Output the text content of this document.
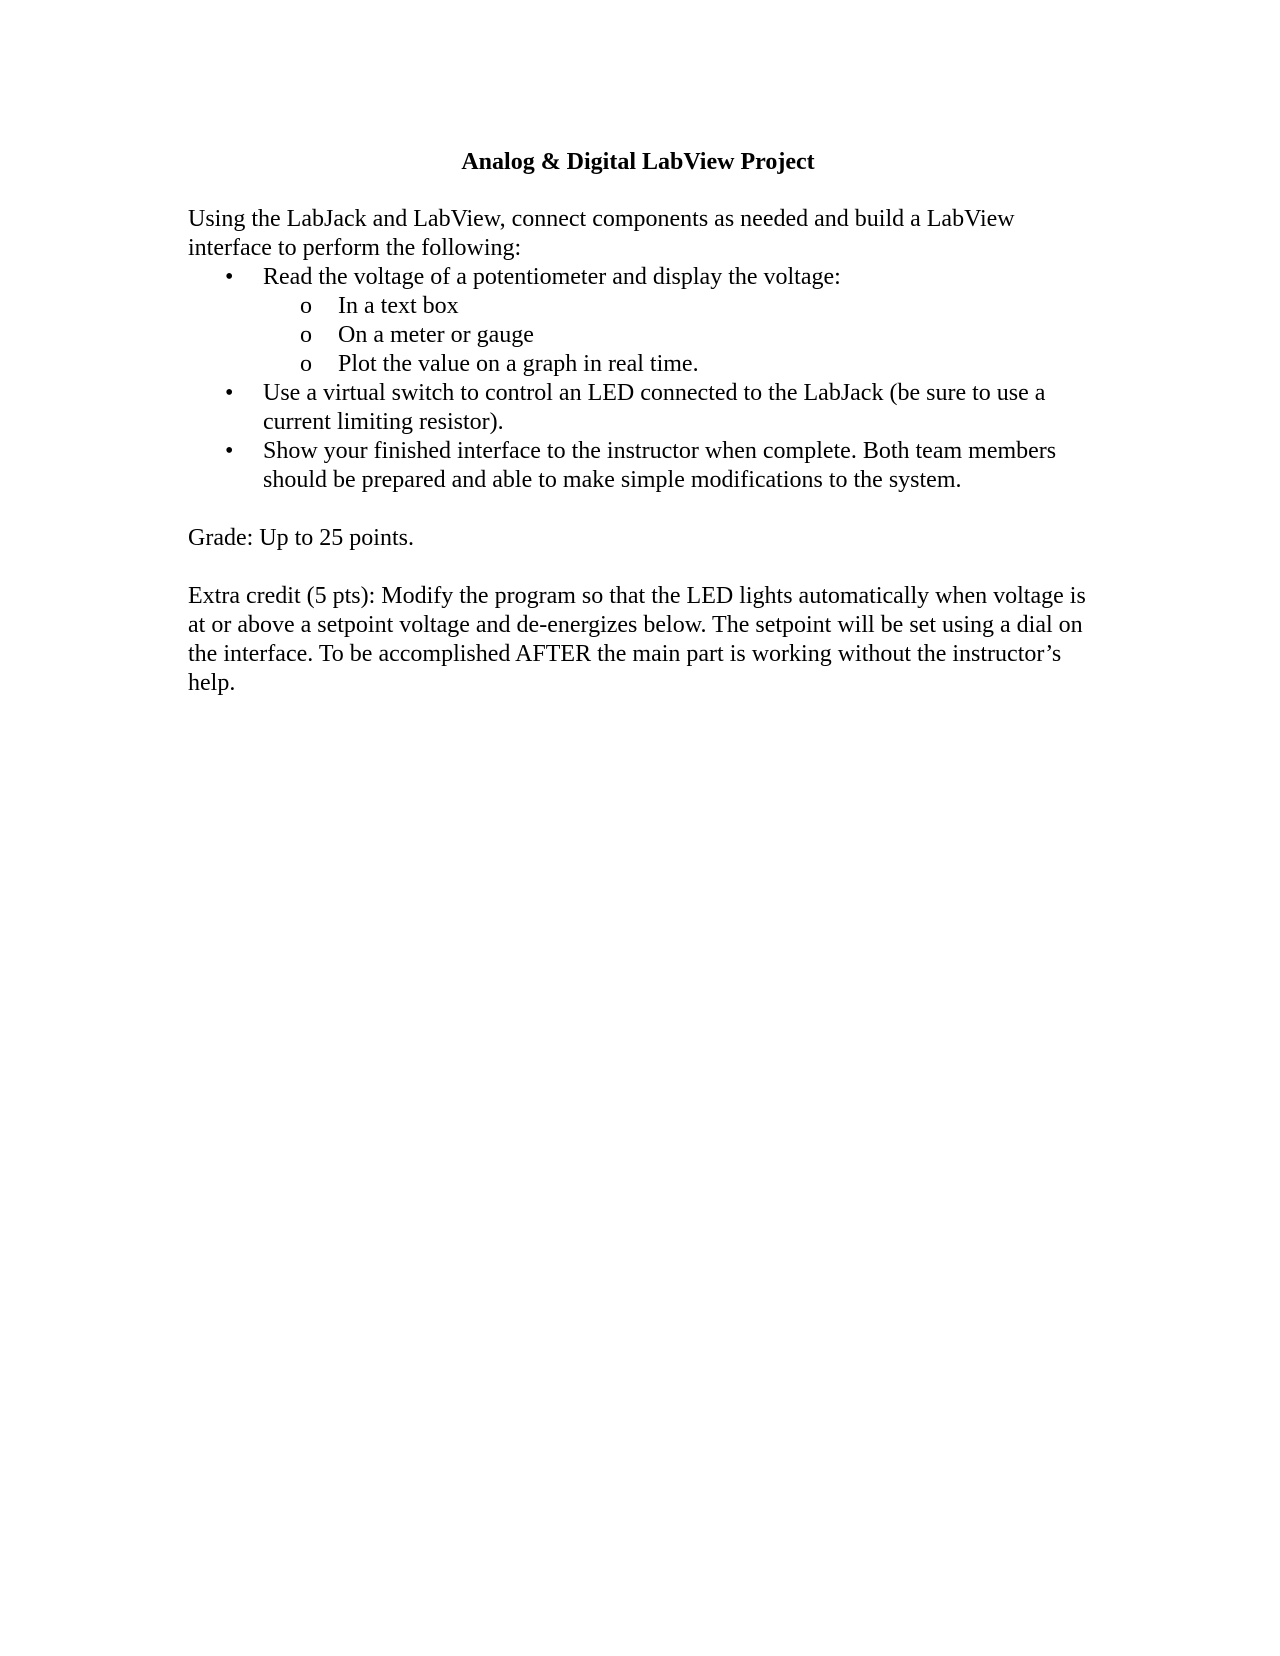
Analog & Digital LabView Project

Using the LabJack and LabView, connect components as needed and build a LabView interface to perform the following:

•	Read the voltage of a potentiometer and display the voltage:
o	In a text box
o	On a meter or gauge
o	Plot the value on a graph in real time.
•	Use a virtual switch to control an LED connected to the LabJack (be sure to use a current limiting resistor).
•	Show your finished interface to the instructor when complete. Both team members should be prepared and able to make simple modifications to the system.

Grade: Up to 25 points.

Extra credit (5 pts): Modify the program so that the LED lights automatically when voltage is at or above a setpoint voltage and de-energizes below. The setpoint will be set using a dial on the interface. To be accomplished AFTER the main part is working without the instructor’s help.
